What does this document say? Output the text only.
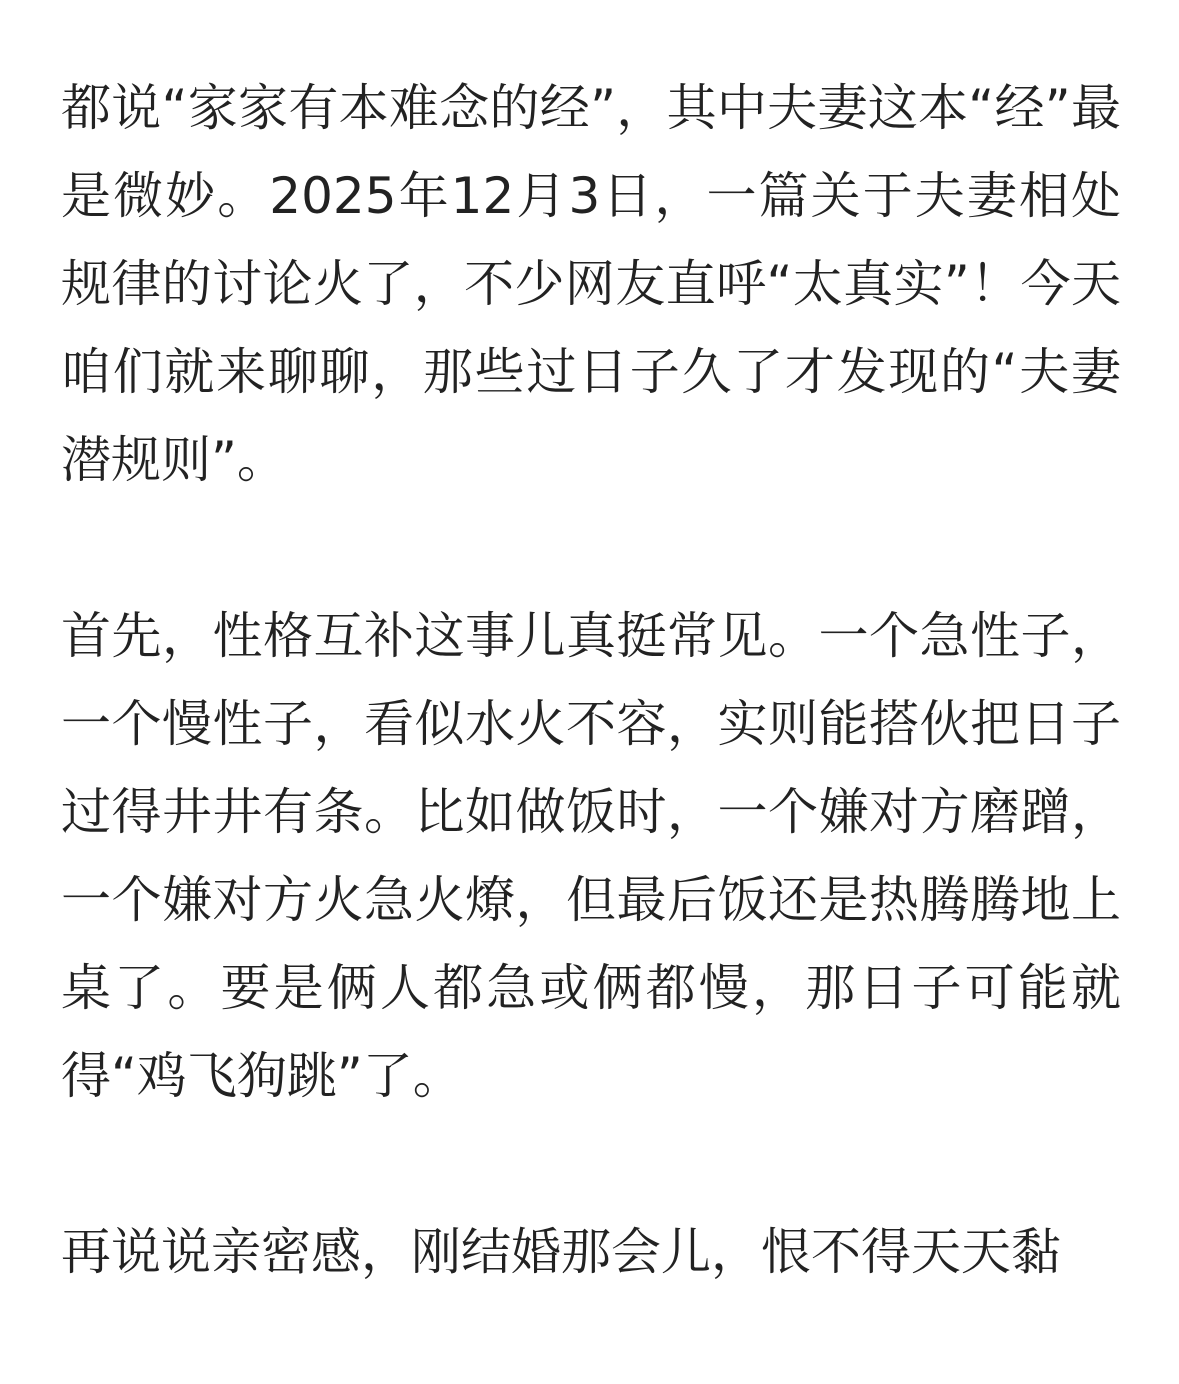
都说“家家有本难念的经”，其中夫妻这本“经”最是微妙。2025年12月3日，一篇关于夫妻相处规律的讨论火了，不少网友直呼“太真实”！今天咱们就来聊聊，那些过日子久了才发现的“夫妻潜规则”。

首先，性格互补这事儿真挺常见。一个急性子，一个慢性子，看似水火不容，实则能搭伙把日子过得井井有条。比如做饭时，一个嫌对方磨蹭，一个嫌对方火急火燎，但最后饭还是热腾腾地上桌了。要是俩人都急或俩都慢，那日子可能就得“鸡飞狗跳”了。

再说说亲密感，刚结婚那会儿，恨不得天天黏
